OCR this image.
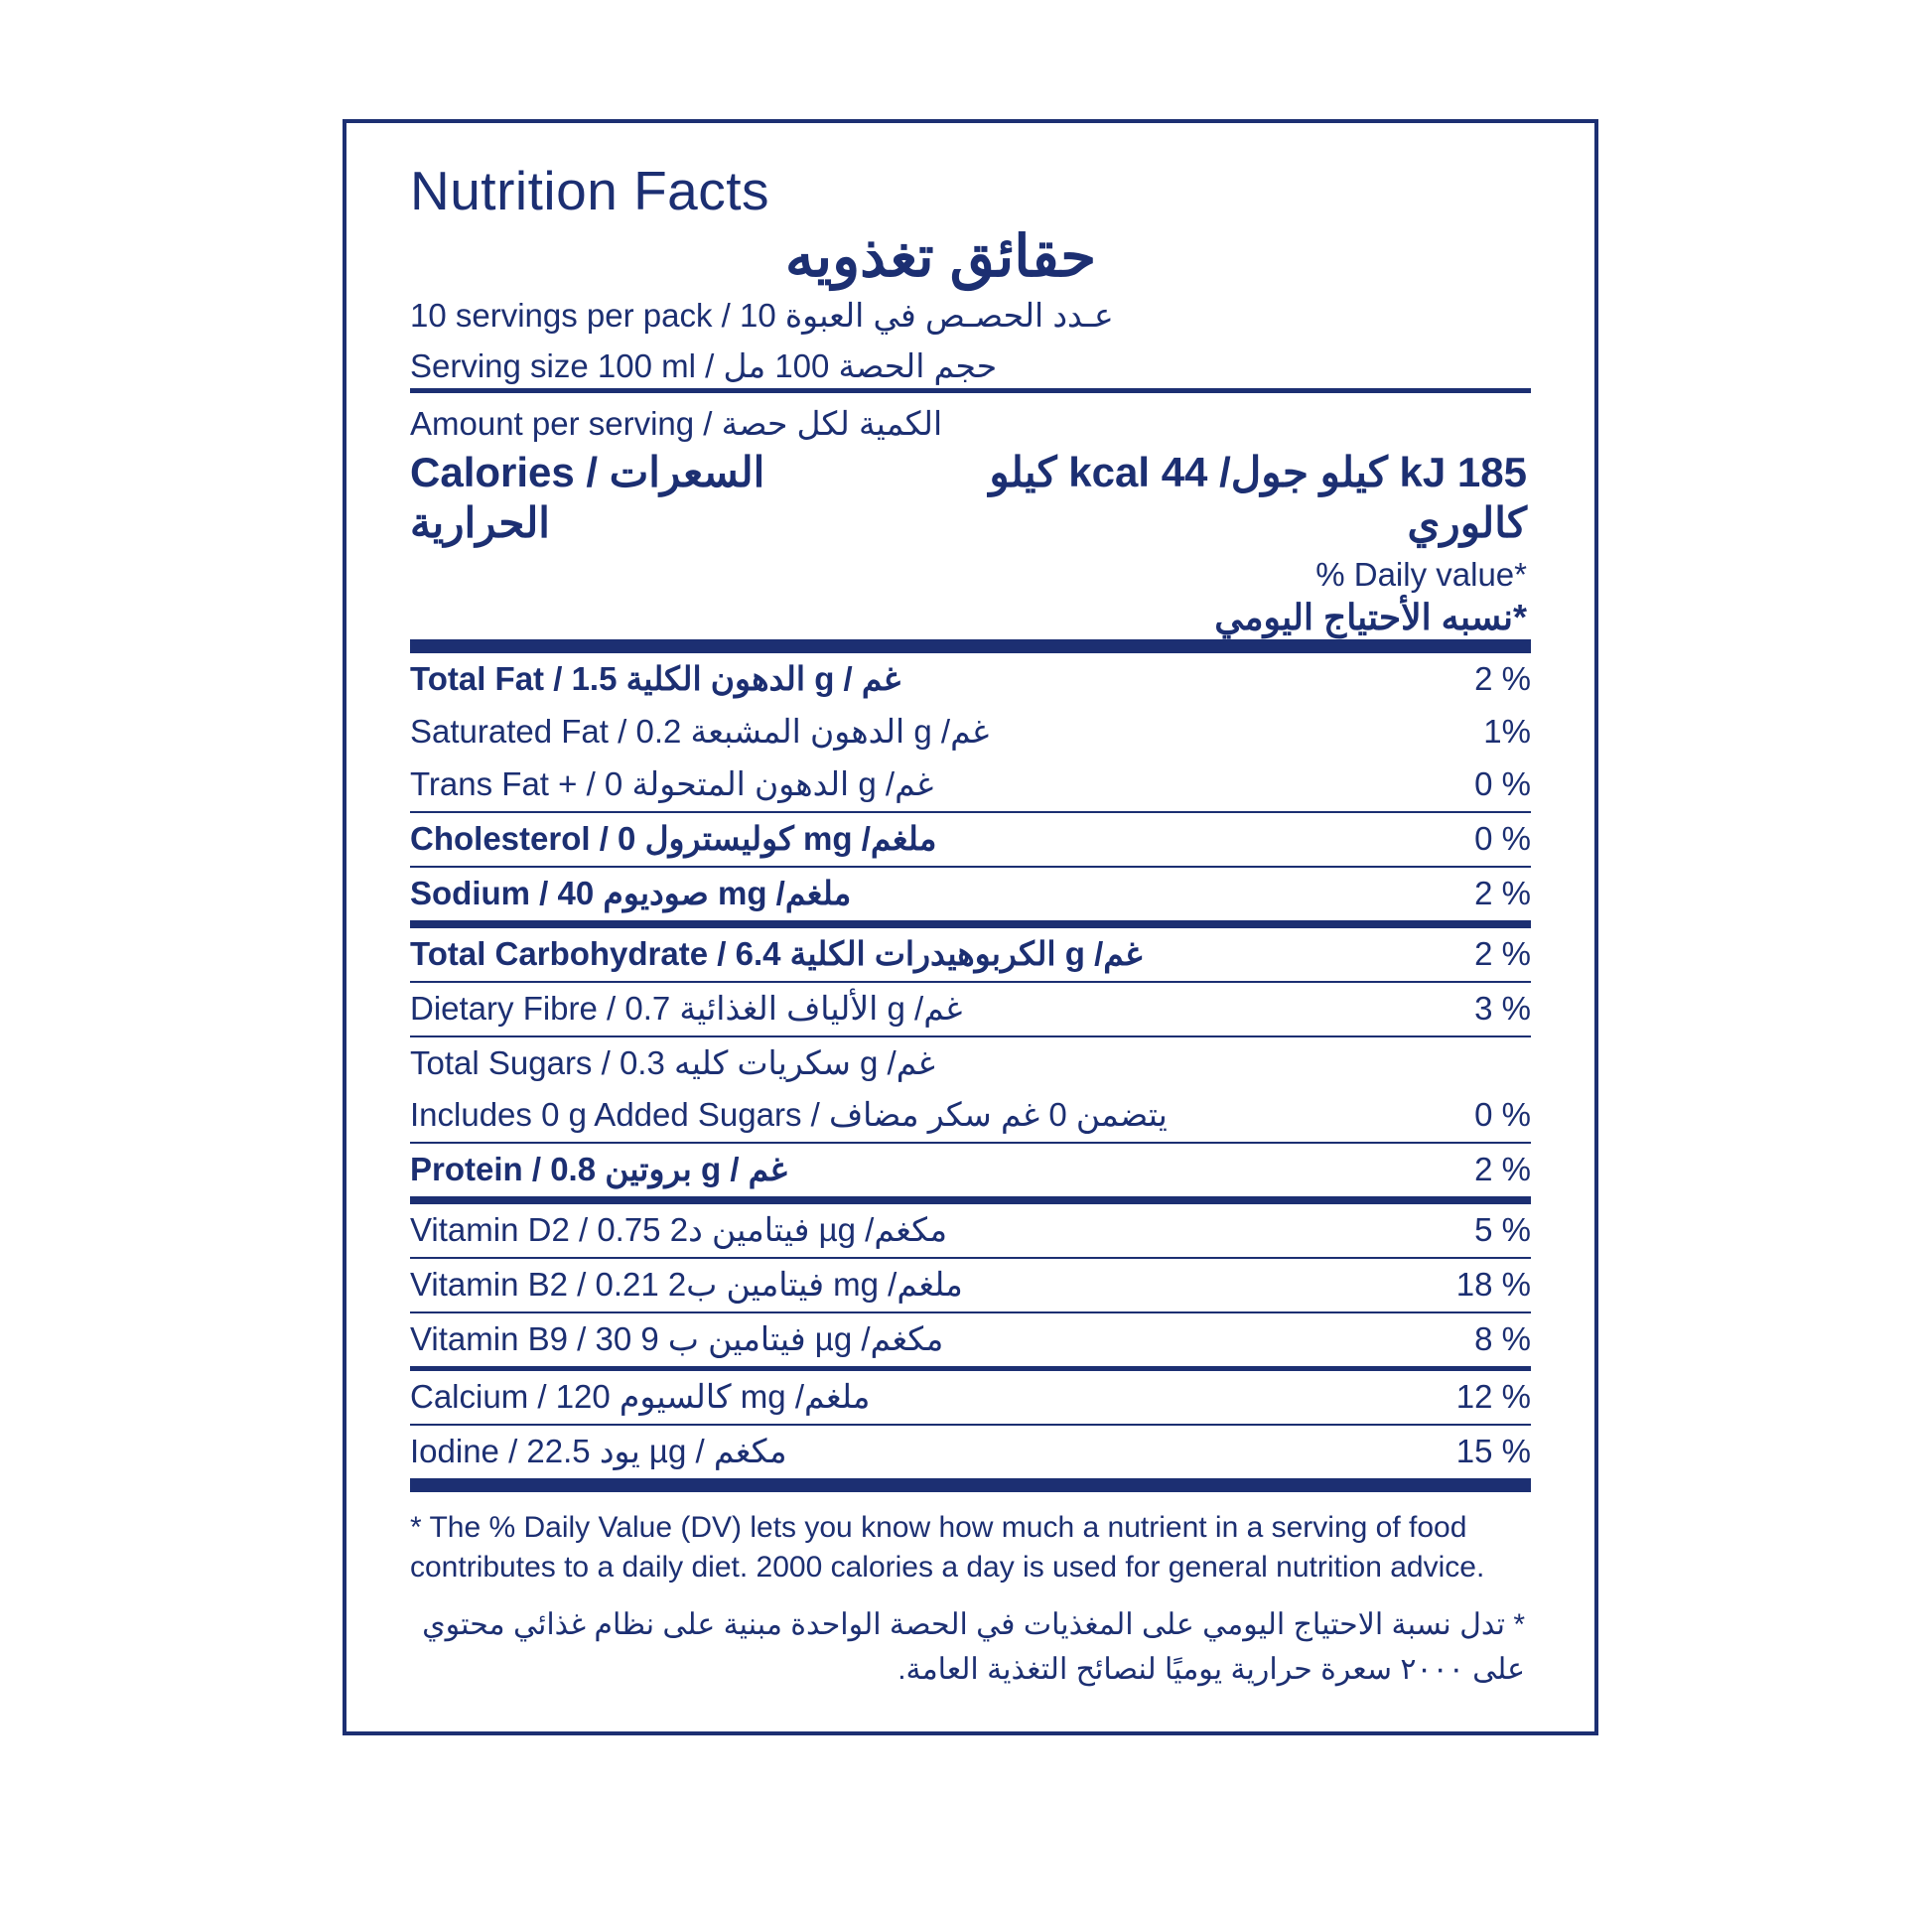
Nutrition Facts
حقائق تغذويه
10 servings per pack / عـدد الحصـص في العبوة 10
Serving size 100 ml / حجم الحصة 100 مل
Amount per serving / الكمية لكل حصة
Calories / السعرات الحرارية
185 kJ كيلو جول/ 44 kcal كيلو كالوري
% Daily value*
*نسبه الأحتياج اليومي
Total Fat / الدهون الكلية 1.5 g / غم	2 %
Saturated Fat / الدهون المشبعة 0.2 g /غم	1%
Trans Fat + / الدهون المتحولة 0 g /غم	0 %
Cholesterol / كوليسترول 0 mg /ملغم	0 %
Sodium / صوديوم 40 mg /ملغم	2 %
Total Carbohydrate / الكربوهيدرات الكلية 6.4 g /غم	2 %
Dietary Fibre / الألياف الغذائية 0.7 g /غم	3 %
Total Sugars / سكريات كليه 0.3 g /غم
Includes 0 g Added Sugars / يتضمن 0 غم سكر مضاف	0 %
Protein / بروتين 0.8 g / غم	2 %
Vitamin D2 / فيتامين د2 0.75 µg /مكغم	5 %
Vitamin B2 / فيتامين ب2 0.21 mg /ملغم	18 %
Vitamin B9 / فيتامين ب 9 30 µg /مكغم	8 %
Calcium / كالسيوم 120 mg /ملغم	12 %
Iodine / يود 22.5 µg / مكغم	15 %
* The % Daily Value (DV) lets you know how much a nutrient in a serving of food contributes to a daily diet. 2000 calories a day is used for general nutrition advice.
* تدل نسبة الاحتياج اليومي على المغذيات في الحصة الواحدة مبنية على نظام غذائي محتوي على ٢٠٠٠ سعرة حرارية يوميًا لنصائح التغذية العامة.
